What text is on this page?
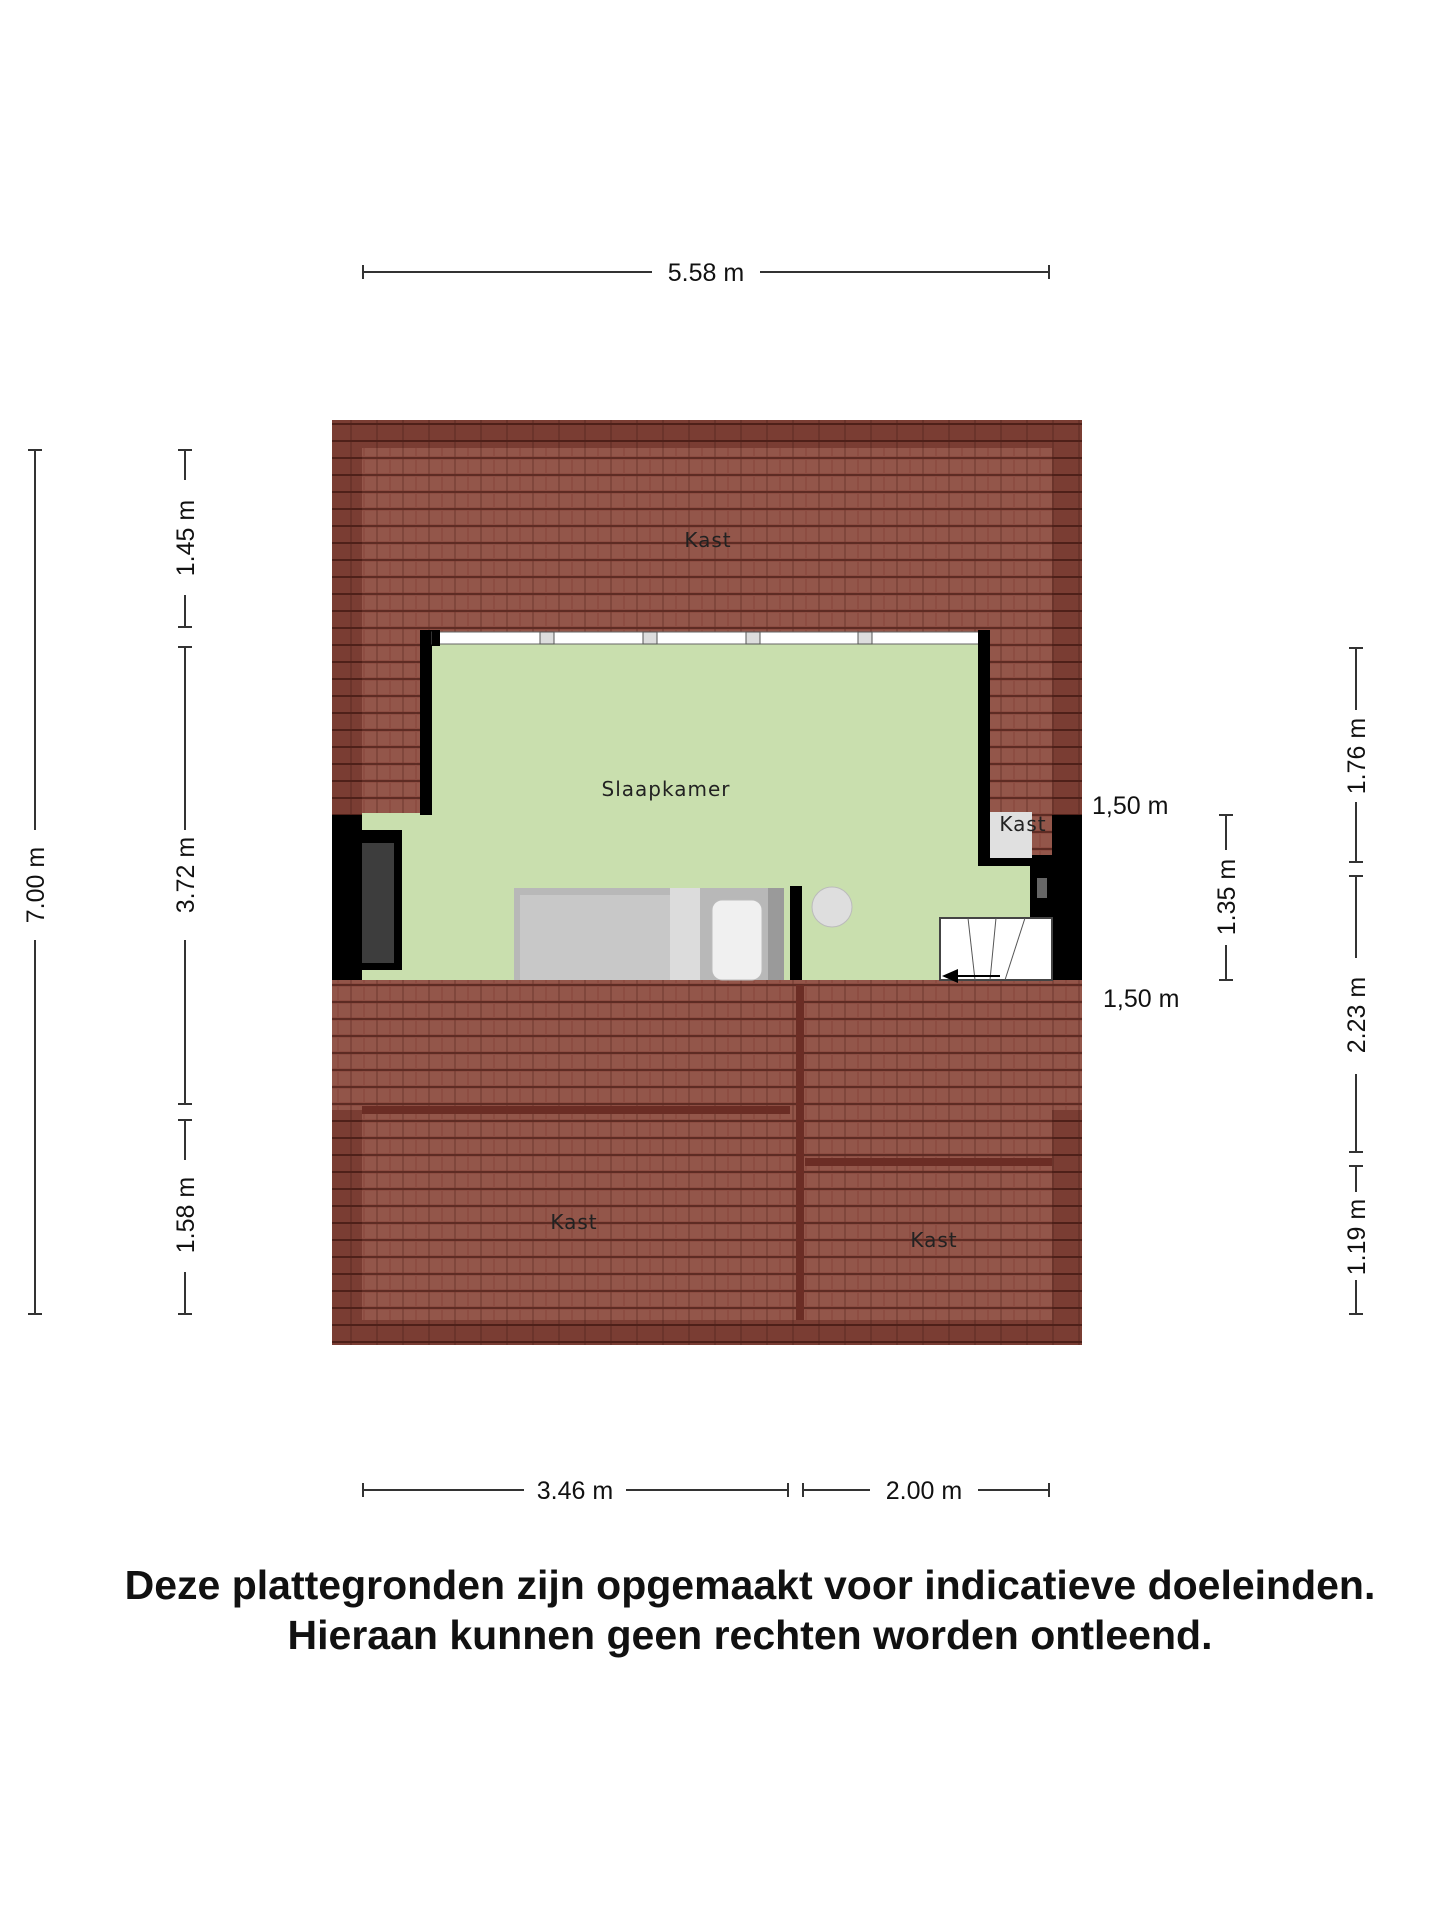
Kast
Slaapkamer
Kast
Kast
Kast
5.58 m
7.00 m
1.45 m
3.72 m
1.58 m
1.76 m
2.23 m
1.19 m
1.35 m
1,50 m
1,50 m
3.46 m	2.00 m
Deze plattegronden zijn opgemaakt voor indicatieve doeleinden.
Hieraan kunnen geen rechten worden ontleend.
